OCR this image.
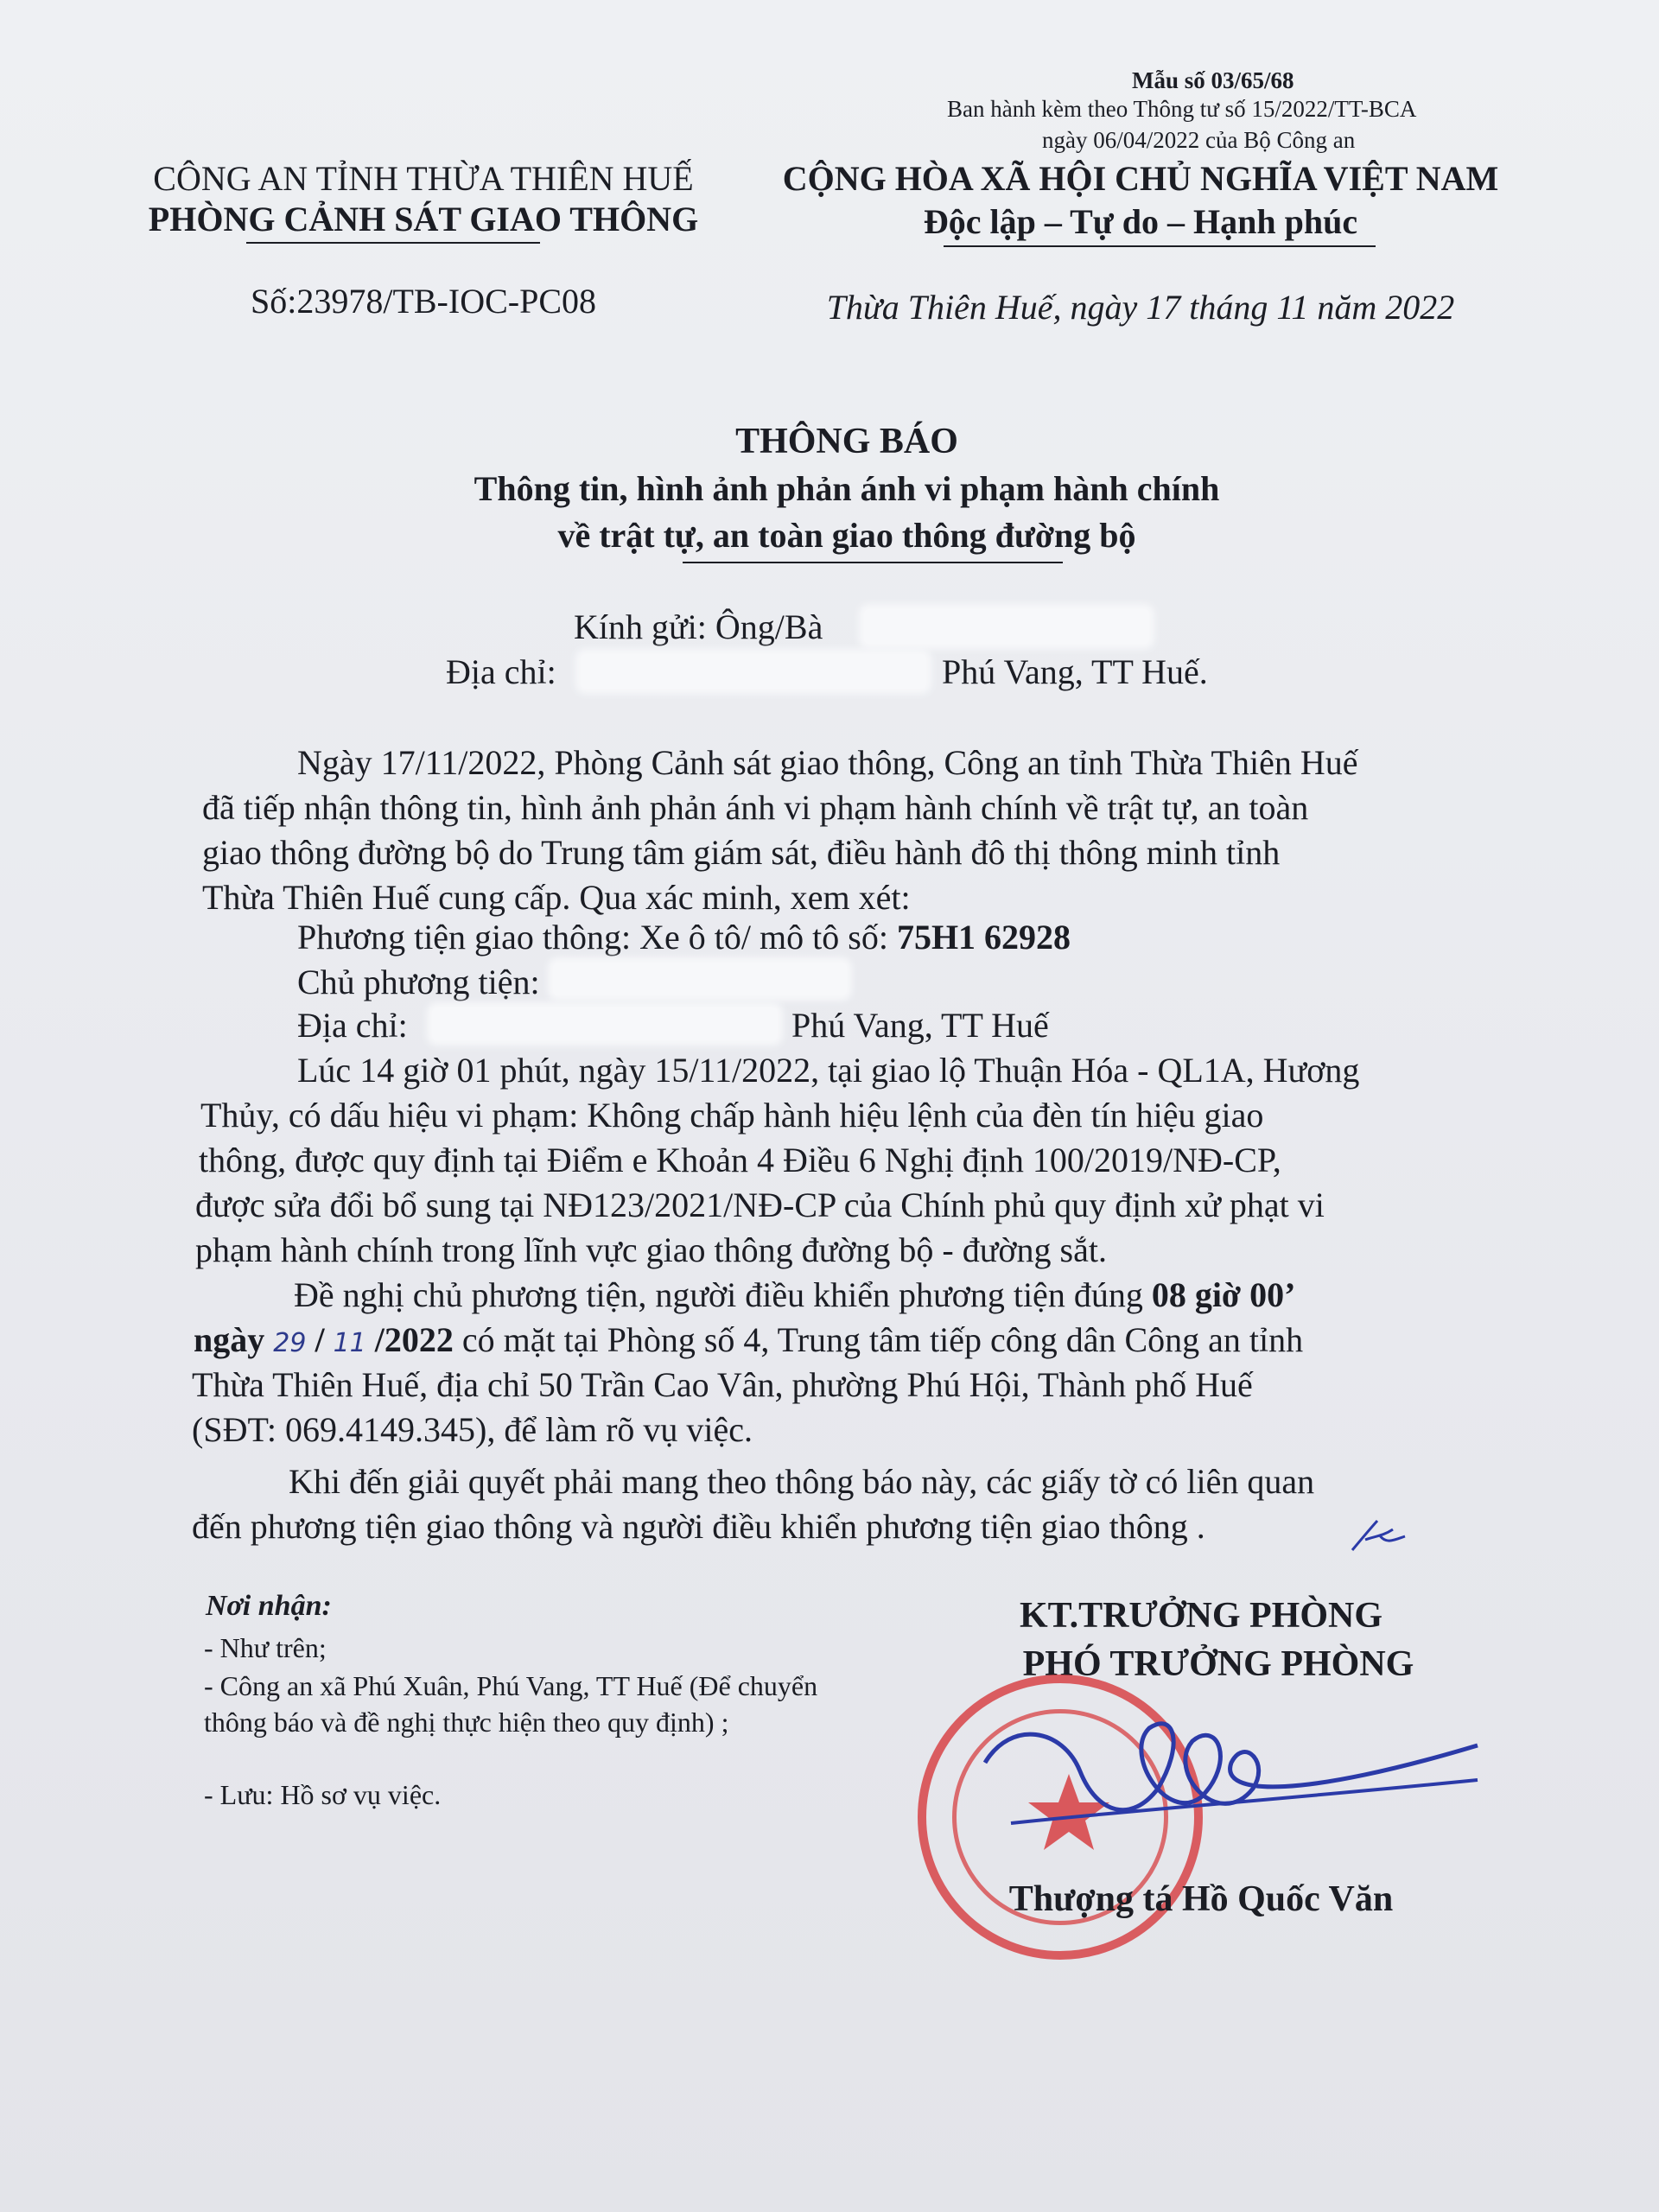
Mẫu số 03/65/68
Ban hành kèm theo Thông tư số 15/2022/TT-BCA
ngày 06/04/2022 của Bộ Công an
CÔNG AN TỈNH THỪA THIÊN HUẾ
PHÒNG CẢNH SÁT GIAO THÔNG
Số:23978/TB-IOC-PC08
CỘNG HÒA XÃ HỘI CHỦ NGHĨA VIỆT NAM
Độc lập – Tự do – Hạnh phúc
Thừa Thiên Huế, ngày 17 tháng 11 năm 2022
THÔNG BÁO
Thông tin, hình ảnh phản ánh vi phạm hành chính
về trật tự, an toàn giao thông đường bộ
Kính gửi: Ông/Bà
Địa chỉ:	Phú Vang, TT Huế.
Ngày 17/11/2022, Phòng Cảnh sát giao thông, Công an tỉnh Thừa Thiên Huế
đã tiếp nhận thông tin, hình ảnh phản ánh vi phạm hành chính về trật tự, an toàn
giao thông đường bộ do Trung tâm giám sát, điều hành đô thị thông minh tỉnh
Thừa Thiên Huế cung cấp. Qua xác minh, xem xét:
Phương tiện giao thông: Xe ô tô/ mô tô số: 75H1 62928
Chủ phương tiện:
Địa chỉ:	Phú Vang, TT Huế
Lúc 14 giờ 01 phút, ngày 15/11/2022, tại giao lộ Thuận Hóa - QL1A, Hương
Thủy, có dấu hiệu vi phạm: Không chấp hành hiệu lệnh của đèn tín hiệu giao
thông, được quy định tại Điểm e Khoản 4 Điều 6 Nghị định 100/2019/NĐ-CP,
được sửa đổi bổ sung tại NĐ123/2021/NĐ-CP của Chính phủ quy định xử phạt vi
phạm hành chính trong lĩnh vực giao thông đường bộ - đường sắt.
Đề nghị chủ phương tiện, người điều khiển phương tiện đúng 08 giờ 00’
ngày 29 / 11 /2022 có mặt tại Phòng số 4, Trung tâm tiếp công dân Công an tỉnh
Thừa Thiên Huế, địa chỉ 50 Trần Cao Vân, phường Phú Hội, Thành phố Huế
(SĐT: 069.4149.345), để làm rõ vụ việc.
Khi đến giải quyết phải mang theo thông báo này, các giấy tờ có liên quan
đến phương tiện giao thông và người điều khiển phương tiện giao thông .
Nơi nhận:
- Như trên;
- Công an xã Phú Xuân, Phú Vang, TT Huế (Để chuyển thông báo và đề nghị thực hiện theo quy định) ;
- Lưu: Hồ sơ vụ việc.
KT.TRƯỞNG PHÒNG
PHÓ TRƯỞNG PHÒNG
Thượng tá Hồ Quốc Văn
